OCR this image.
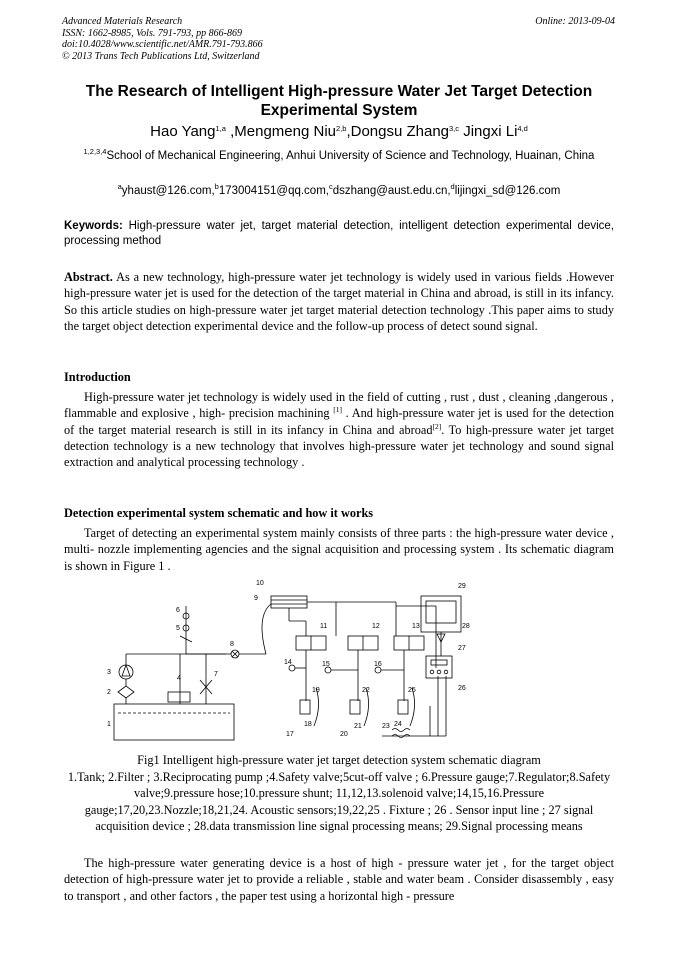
Advanced Materials Research
ISSN: 1662-8985, Vols. 791-793, pp 866-869
doi:10.4028/www.scientific.net/AMR.791-793.866
© 2013 Trans Tech Publications Ltd, Switzerland
Online: 2013-09-04
The Research of Intelligent High-pressure Water Jet Target Detection Experimental System
Hao Yang$^{1,a}$ ,Mengmeng Niu$^{2,b}$,Dongsu Zhang$^{3,c}$ Jingxi Li$^{4,d}$
$^{1,2,3,4}$School of Mechanical Engineering, Anhui University of Science and Technology, Huainan, China
$^a$yhaust@126.com,$^b$173004151@qq.com,$^c$dszhang@aust.edu.cn,$^d$lijingxi_sd@126.com
Keywords: High-pressure water jet, target material detection, intelligent detection experimental device, processing method
Abstract. As a new technology, high-pressure water jet technology is widely used in various fields .However high-pressure water jet is used for the detection of the target material in China and abroad, is still in its infancy. So this article studies on high-pressure water jet target material detection technology .This paper aims to study the target object detection experimental device and the follow-up process of detect sound signal.
Introduction
High-pressure water jet technology is widely used in the field of cutting , rust , dust , cleaning ,dangerous , flammable and explosive , high- precision machining [1] . And high-pressure water jet is used for the detection of the target material research is still in its infancy in China and abroad[2]. To high-pressure water jet target detection technology is a new technology that involves high-pressure water jet technology and sound signal extraction and analytical processing technology .
Detection experimental system schematic and how it works
Target of detecting an experimental system mainly consists of three parts : the high-pressure water device , multi- nozzle implementing agencies and the signal acquisition and processing system . Its schematic diagram is shown in Figure 1 .
1
2
3
4
5
6
7
8
9
10
11	12	13
14	15	16
17
18
19
20
21
22
23 24
25	26
27
28
29
Fig1 Intelligent high-pressure water jet target detection system schematic diagram
1.Tank; 2.Filter ; 3.Reciprocating pump ;4.Safety valve;5cut-off valve ; 6.Pressure gauge;7.Regulator;8.Safety valve;9.pressure hose;10.pressure shunt; 11,12,13.solenoid valve;14,15,16.Pressure gauge;17,20,23.Nozzle;18,21,24. Acoustic sensors;19,22,25 . Fixture ; 26 . Sensor input line ; 27 signal acquisition device ; 28.data transmission line signal processing means; 29.Signal processing means
The high-pressure water generating device is a host of high - pressure water jet , for the target object detection of high-pressure water jet to provide a reliable , stable and water beam . Consider disassembly , easy to transport , and other factors , the paper test using a horizontal high - pressure
